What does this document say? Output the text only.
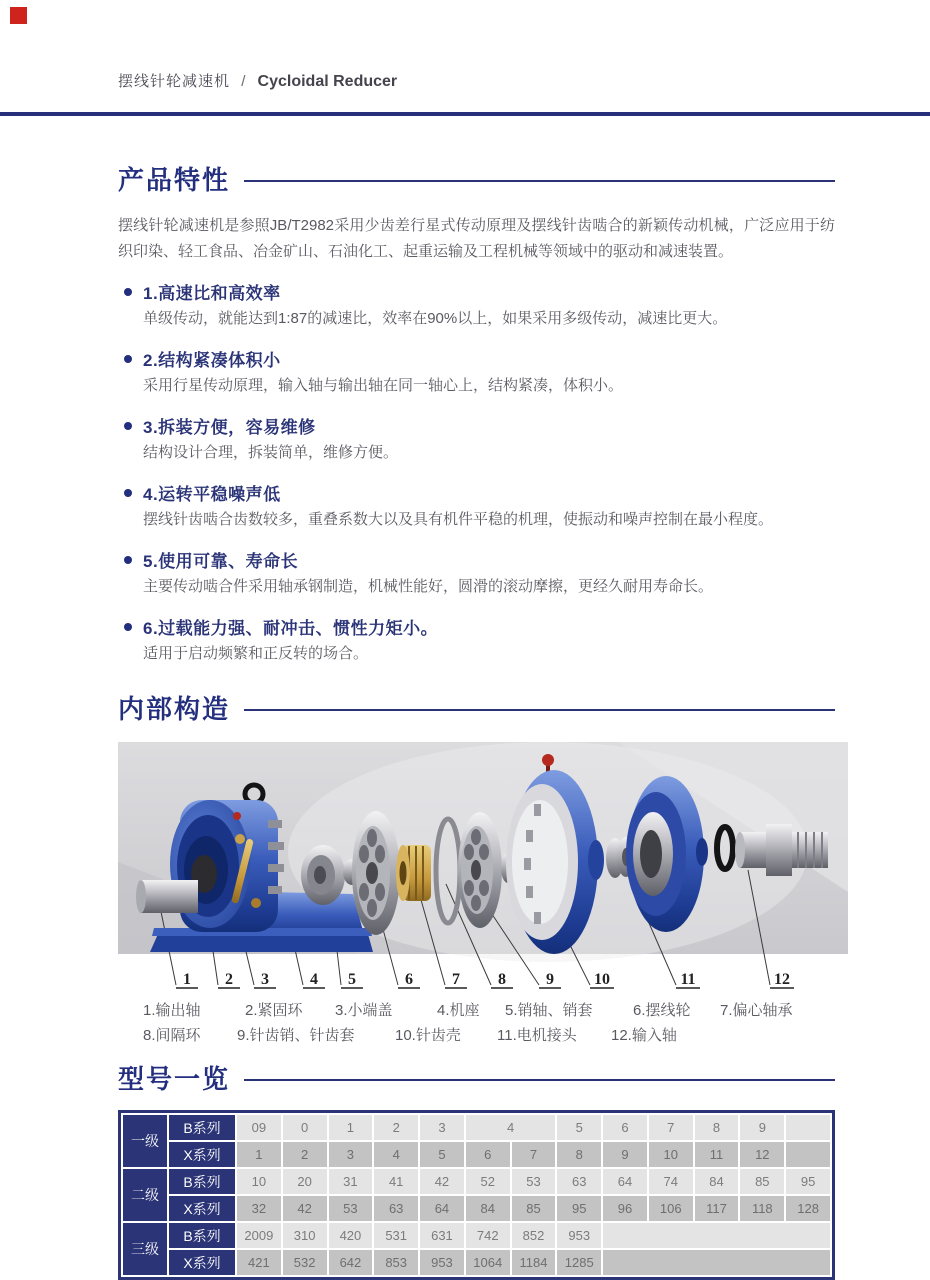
摆线针轮减速机 / Cycloidal Reducer
产品特性

摆线针轮减速机是参照JB/T2982采用少齿差行星式传动原理及摆线针齿啮合的新颖传动机械，广泛应用于纺织印染、轻工食品、冶金矿山、石油化工、起重运输及工程机械等领域中的驱动和减速装置。

1.高速比和高效率
单级传动，就能达到1:87的减速比，效率在90%以上，如果采用多级传动，减速比更大。
2.结构紧凑体积小
采用行星传动原理，输入轴与输出轴在同一轴心上，结构紧凑，体积小。
3.拆装方便，容易维修
结构设计合理，拆装简单，维修方便。
4.运转平稳噪声低
摆线针齿啮合齿数较多，重叠系数大以及具有机件平稳的机理，使振动和噪声控制在最小程度。
5.使用可靠、寿命长
主要传动啮合件采用轴承钢制造，机械性能好，圆滑的滚动摩擦，更经久耐用寿命长。
6.过载能力强、耐冲击、惯性力矩小。
适用于启动频繁和正反转的场合。
内部构造
1 2 3	4 5	6 7 8	9	10	11	12
1.输出轴	2.紧固环 3.小端盖	4.机座 5.销轴、销套	6.摆线轮 7.偏心轴承
8.间隔环 9.针齿销、针齿套	10.针齿壳 11.电机接头 12.输入轴
型号一览
一级	B系列	09	0	1	2	3	4		5	6	7	8	9	
	X系列	1	2	3	4	5	6	7	8	9	10	11	12	
二级	B系列	10	20	31	41	42	52	53	63	64	74	84	85	95
	X系列	32	42	53	63	64	84	85	95	96	106	117	118	128
三级	B系列	2009	310	420	531	631	742	852	953					
	X系列	421	532	642	853	953	1064	1184	1285					
